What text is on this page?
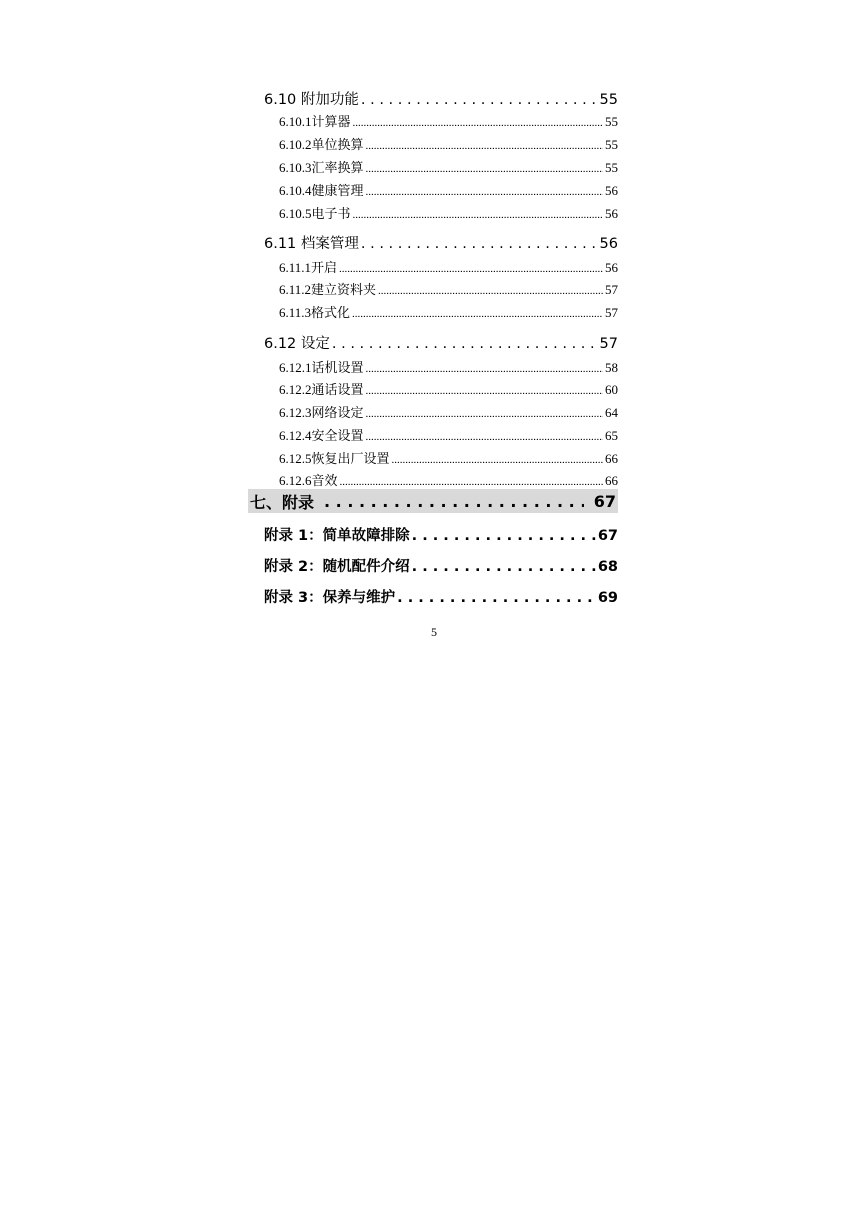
6.10 附加功能 . . .	55
6.10.1 计算器 .....	55
6.10.2 单位换算 .....	55
6.10.3 汇率换算 .....	55
6.10.4 健康管理 .....	56
6.10.5 电子书 .....	56
6.11 档案管理 . . .	56
6.11.1 开启 .....	56
6.11.2 建立资料夹 .....	57
6.11.3 格式化 .....	57
6.12 设定 . . .	57
6.12.1 话机设置 .....	58
6.12.2 通话设置 .....	60
6.12.3 网络设定 .....	64
6.12.4 安全设置 .....	65
6.12.5 恢复出厂设置 .....	66
6.12.6 音效 .....	66
七、附录 . . .	67
附录 1：简单故障排除 . . .	67
附录 2：随机配件介绍 . . .	68
附录 3：保养与维护 . . .	69
5
